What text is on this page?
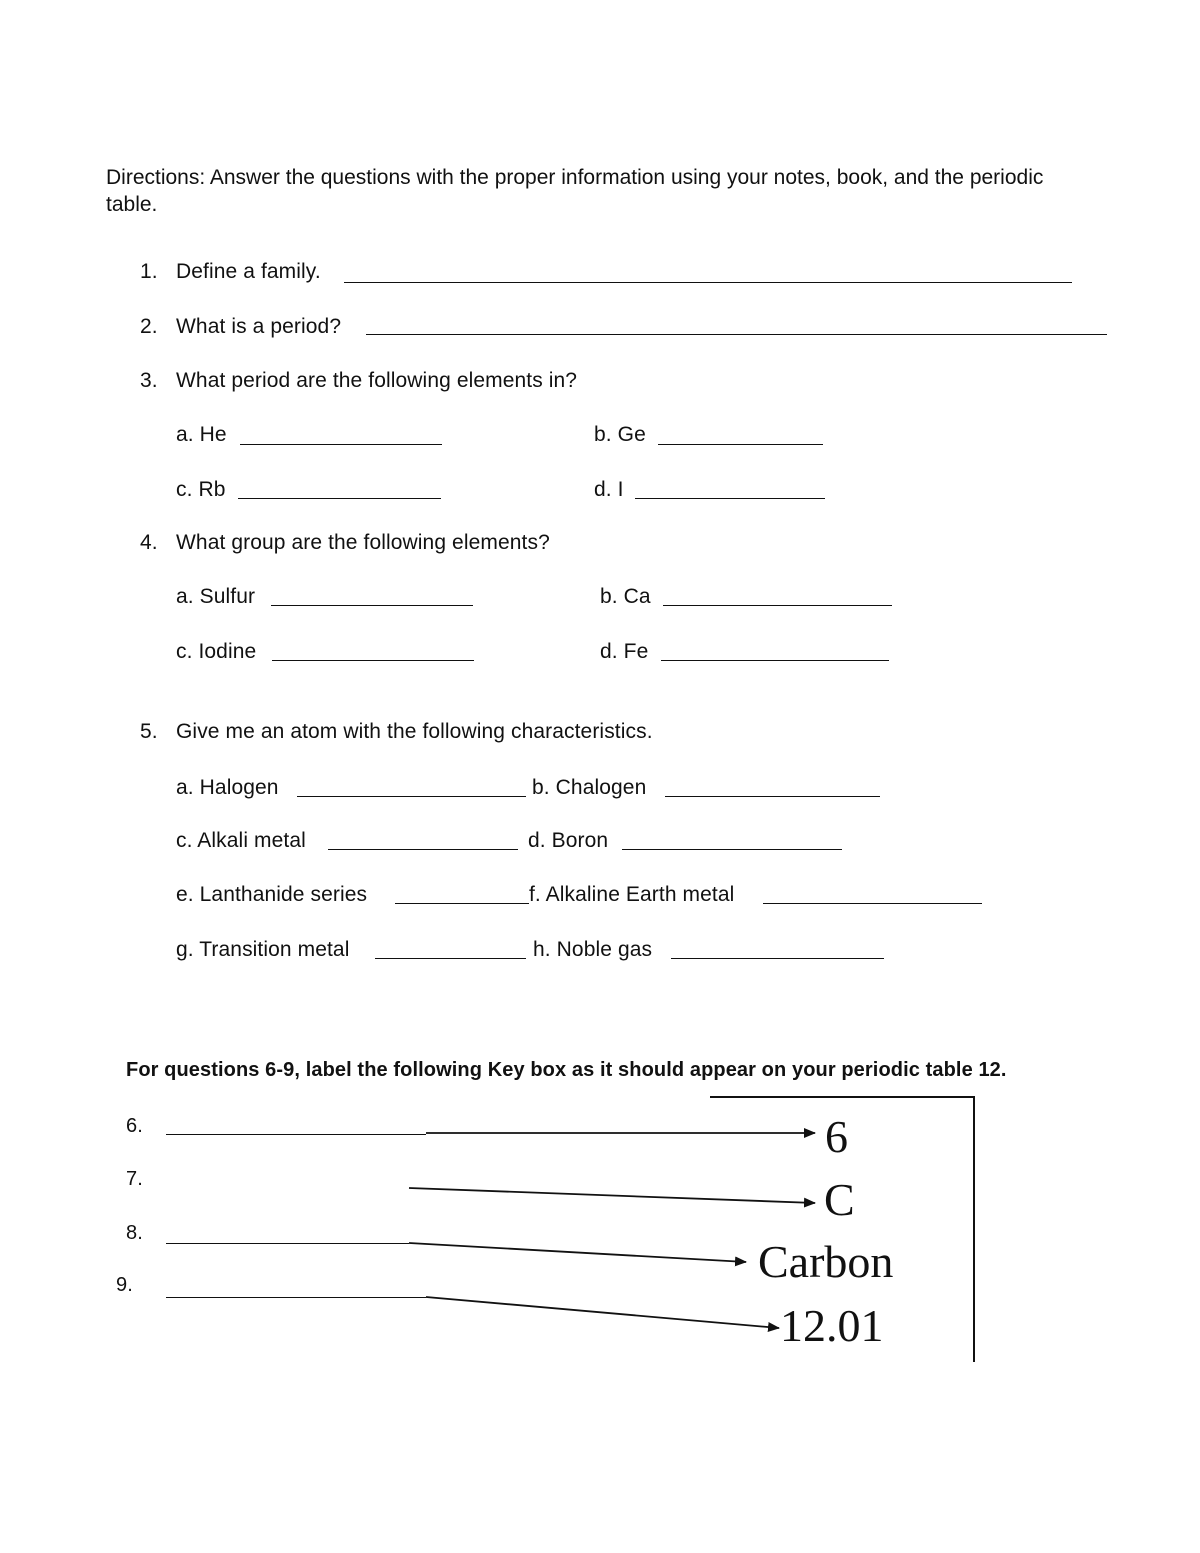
Directions: Answer the questions with the proper information using your notes, book, and the periodic table.
1. Define a family.
2. What is a period?
3. What period are the following elements in?
a. He	b. Ge
c. Rb	d. I
4. What group are the following elements?
a. Sulfur	b. Ca
c. Iodine	d. Fe
5. Give me an atom with the following characteristics.
a. Halogen	b. Chalogen
c. Alkali metal	d. Boron
e. Lanthanide series	f. Alkaline Earth metal
g. Transition metal	h. Noble gas
For questions 6-9, label the following Key box as it should appear on your periodic table 12.
6.
7.
8.
9.
6
C
Carbon
12.01
